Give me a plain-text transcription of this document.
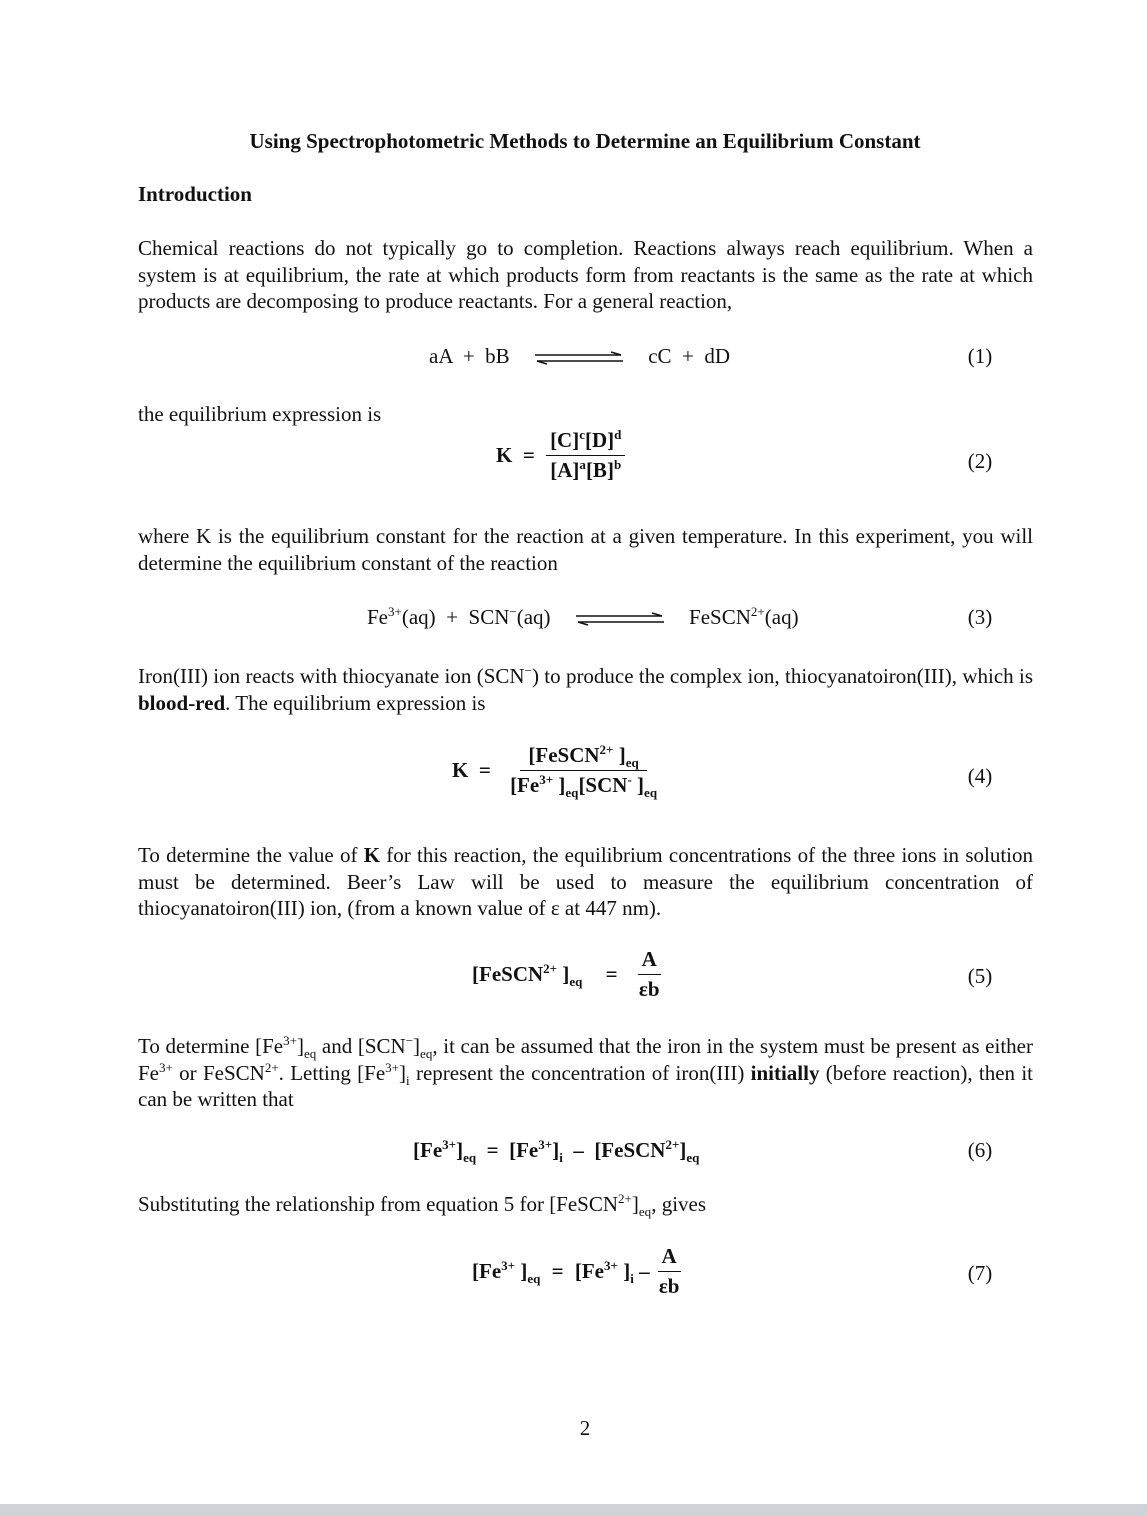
Using Spectrophotometric Methods to Determine an Equilibrium Constant
Introduction
Chemical reactions do not typically go to completion. Reactions always reach equilibrium. When a system is at equilibrium, the rate at which products form from reactants is the same as the rate at which products are decomposing to produce reactants. For a general reaction,
aA  +  bB	cC  +  dD	(1)
the equilibrium expression is
$K = \frac{[C]^c[D]^d}{[A]^a[B]^b}$	(2)
where K is the equilibrium constant for the reaction at a given temperature. In this experiment, you will determine the equilibrium constant of the reaction
$Fe^{3+}(aq) + SCN^-(aq)$	FeSCN$^{2+}$(aq)	(3)
Iron(III) ion reacts with thiocyanate ion (SCN−) to produce the complex ion, thiocyanatoiron(III), which is blood-red. The equilibrium expression is
$K = \frac{[FeSCN^{2+} ]_{eq}}{[Fe^{3+} ]_{eq}[SCN^- ]_{eq}}$	(4)
To determine the value of K for this reaction, the equilibrium concentrations of the three ions in solution must be determined. Beer’s Law will be used to measure the equilibrium concentration of thiocyanatoiron(III) ion, (from a known value of ε at 447 nm).
[FeSCN$^{2+}$ ]$_{eq} = \frac{A}{\varepsilon b}$	(5)
To determine $[Fe^{3+}]_{eq}$ and $[SCN^-]_{eq}$, it can be assumed that the iron in the system must be present as either $Fe^{3+}$ or FeSCN$^{2+}$. Letting $[Fe^{3+}]_i$ represent the concentration of iron(III) initially (before reaction), then it can be written that
$[Fe^{3+}]_{eq} = [Fe^{3+}]_i$  –  $[FeSCN^{2+}]_{eq}$	(6)
Substituting the relationship from equation 5 for $[FeSCN^{2+}]_{eq}$, gives
[$Fe^{3+}$ ]$_{eq} = [Fe^{3+}$ ]$_i - \frac{A}{\varepsilon b}$	(7)
2
